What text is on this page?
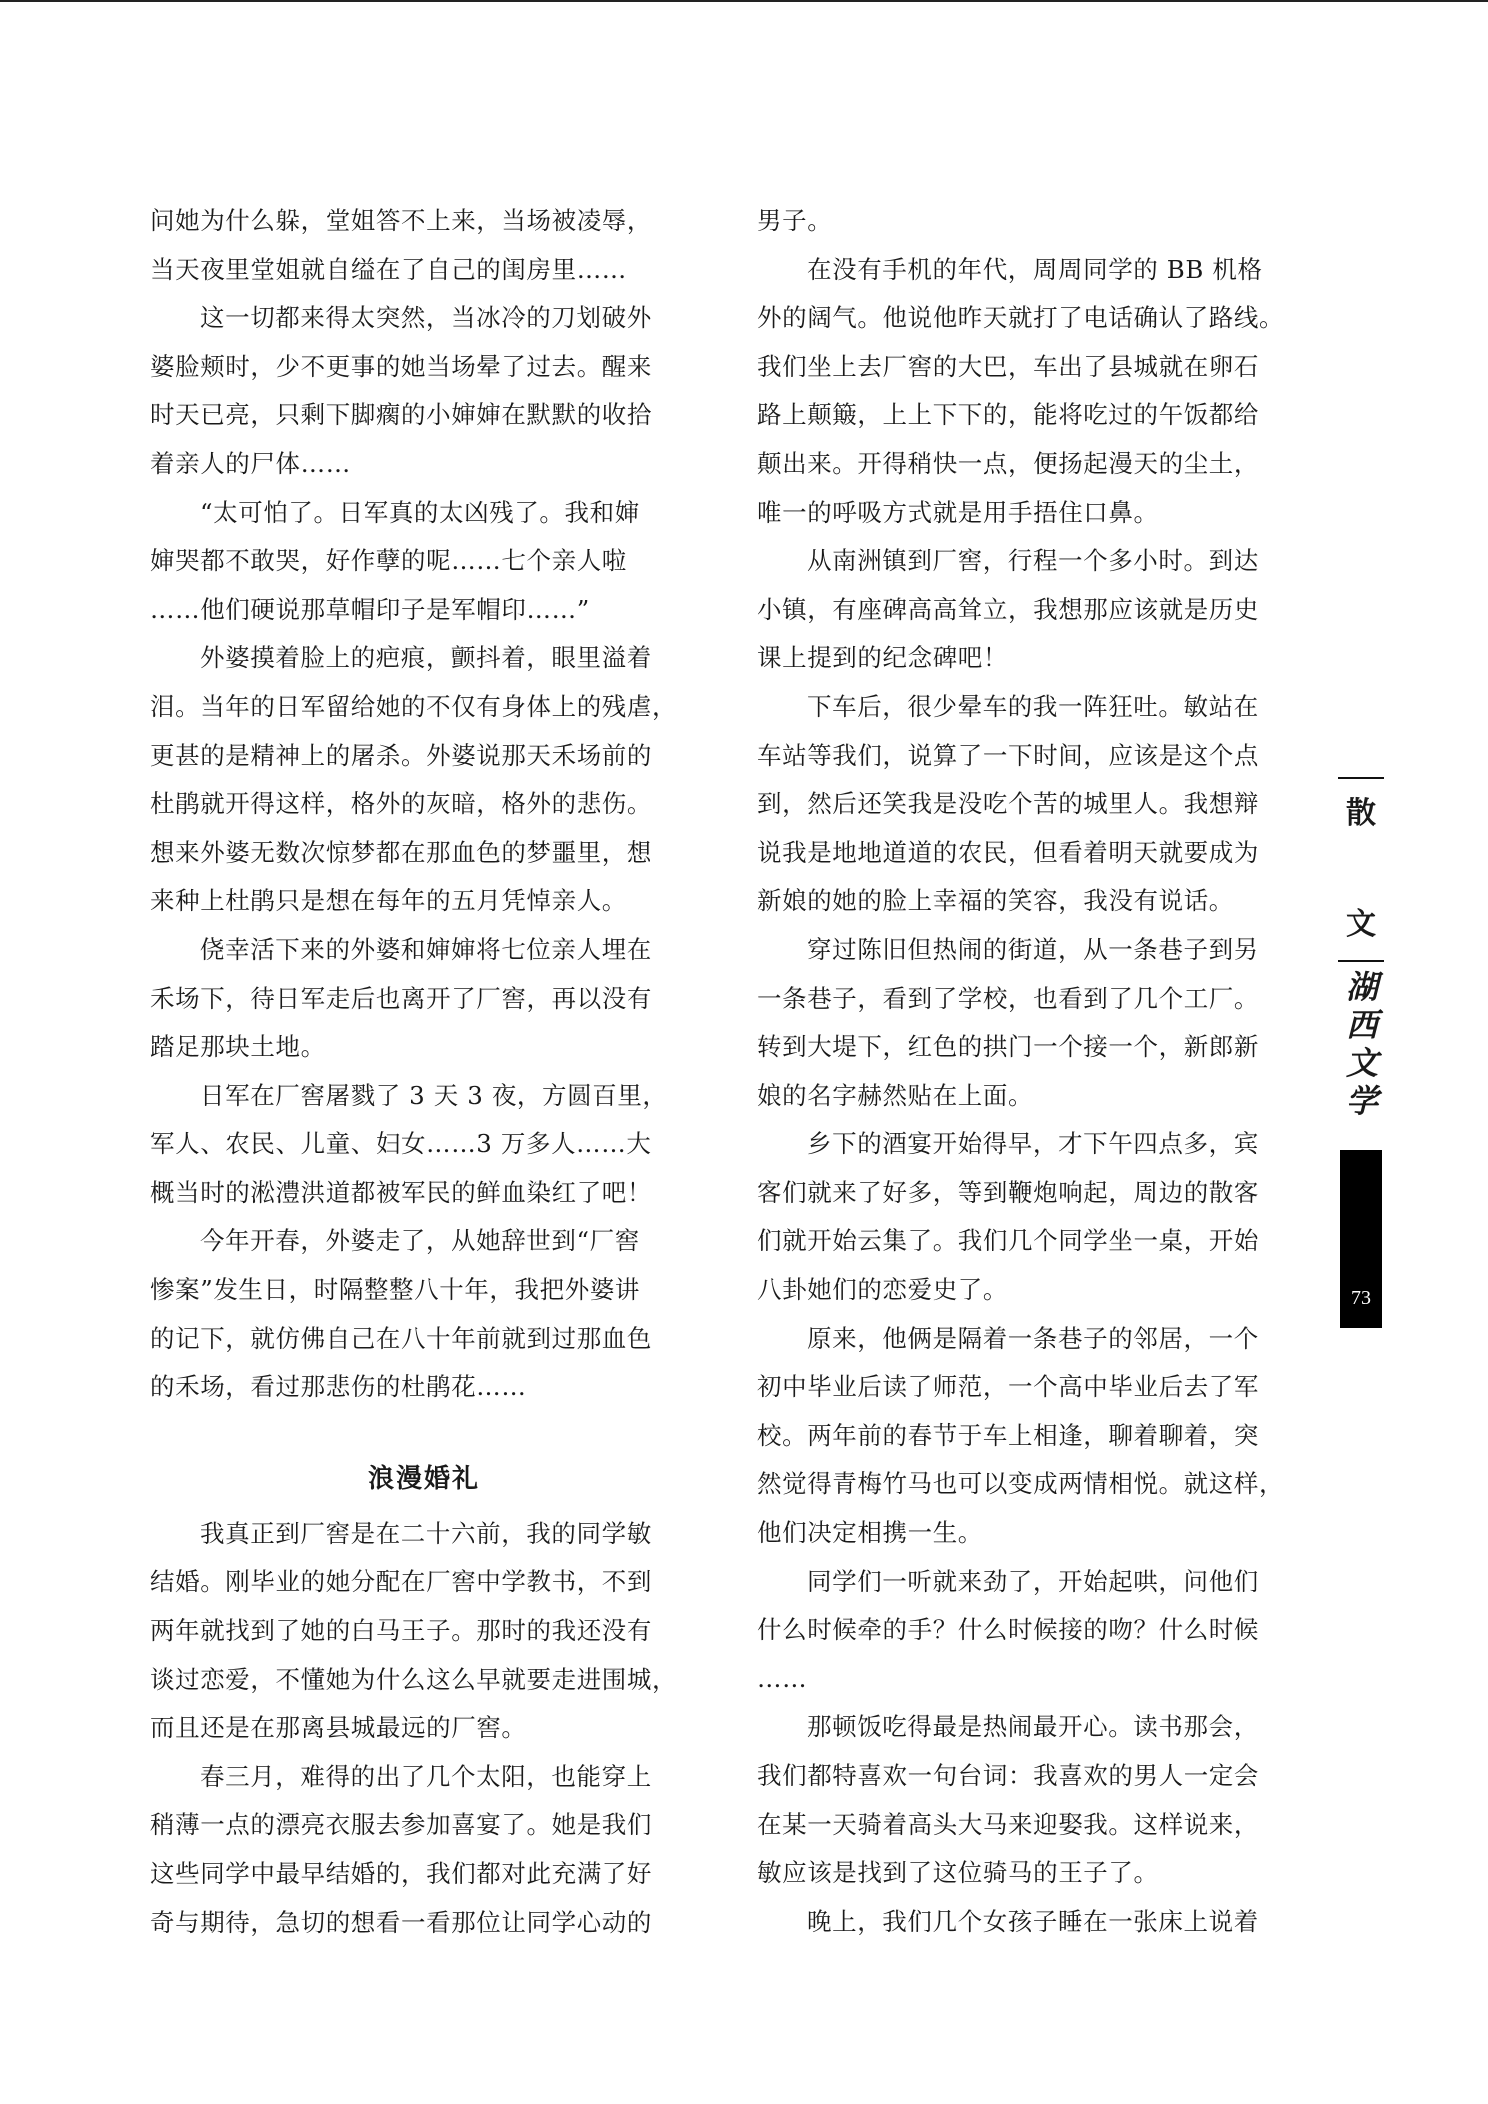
问她为什么躲，堂姐答不上来，当场被凌辱，
当天夜里堂姐就自缢在了自己的闺房里……
这一切都来得太突然，当冰冷的刀划破外
婆脸颊时，少不更事的她当场晕了过去。醒来
时天已亮，只剩下脚瘸的小婶婶在默默的收拾
着亲人的尸体……
“太可怕了。日军真的太凶残了。我和婶
婶哭都不敢哭，好作孽的呢……七个亲人啦
……他们硬说那草帽印子是军帽印……”
外婆摸着脸上的疤痕，颤抖着，眼里溢着
泪。当年的日军留给她的不仅有身体上的残虐，
更甚的是精神上的屠杀。外婆说那天禾场前的
杜鹃就开得这样，格外的灰暗，格外的悲伤。
想来外婆无数次惊梦都在那血色的梦噩里，想
来种上杜鹃只是想在每年的五月凭悼亲人。
侥幸活下来的外婆和婶婶将七位亲人埋在
禾场下，待日军走后也离开了厂窖，再以没有
踏足那块土地。
日军在厂窖屠戮了 3 天 3 夜，方圆百里，
军人、农民、儿童、妇女……3 万多人……大
概当时的淞澧洪道都被军民的鲜血染红了吧！
今年开春，外婆走了，从她辞世到“厂窖
惨案”发生日，时隔整整八十年，我把外婆讲
的记下，就仿佛自己在八十年前就到过那血色
的禾场，看过那悲伤的杜鹃花……
浪漫婚礼
我真正到厂窖是在二十六前，我的同学敏
结婚。刚毕业的她分配在厂窖中学教书，不到
两年就找到了她的白马王子。那时的我还没有
谈过恋爱，不懂她为什么这么早就要走进围城，
而且还是在那离县城最远的厂窖。
春三月，难得的出了几个太阳，也能穿上
稍薄一点的漂亮衣服去参加喜宴了。她是我们
这些同学中最早结婚的，我们都对此充满了好
奇与期待，急切的想看一看那位让同学心动的
男子。
在没有手机的年代，周周同学的 BB 机格
外的阔气。他说他昨天就打了电话确认了路线。
我们坐上去厂窖的大巴，车出了县城就在卵石
路上颠簸，上上下下的，能将吃过的午饭都给
颠出来。开得稍快一点，便扬起漫天的尘土，
唯一的呼吸方式就是用手捂住口鼻。
从南洲镇到厂窖，行程一个多小时。到达
小镇，有座碑高高耸立，我想那应该就是历史
课上提到的纪念碑吧！
下车后，很少晕车的我一阵狂吐。敏站在
车站等我们，说算了一下时间，应该是这个点
到，然后还笑我是没吃个苦的城里人。我想辩
说我是地地道道的农民，但看着明天就要成为
新娘的她的脸上幸福的笑容，我没有说话。
穿过陈旧但热闹的街道，从一条巷子到另
一条巷子，看到了学校，也看到了几个工厂。
转到大堤下，红色的拱门一个接一个，新郎新
娘的名字赫然贴在上面。
乡下的酒宴开始得早，才下午四点多，宾
客们就来了好多，等到鞭炮响起，周边的散客
们就开始云集了。我们几个同学坐一桌，开始
八卦她们的恋爱史了。
原来，他俩是隔着一条巷子的邻居，一个
初中毕业后读了师范，一个高中毕业后去了军
校。两年前的春节于车上相逢，聊着聊着，突
然觉得青梅竹马也可以变成两情相悦。就这样，
他们决定相携一生。
同学们一听就来劲了，开始起哄，问他们
什么时候牵的手？什么时候接的吻？什么时候
……
那顿饭吃得最是热闹最开心。读书那会，
我们都特喜欢一句台词：我喜欢的男人一定会
在某一天骑着高头大马来迎娶我。这样说来，
敏应该是找到了这位骑马的王子了。
晚上，我们几个女孩子睡在一张床上说着
散
文
湖
西
文
学
73
